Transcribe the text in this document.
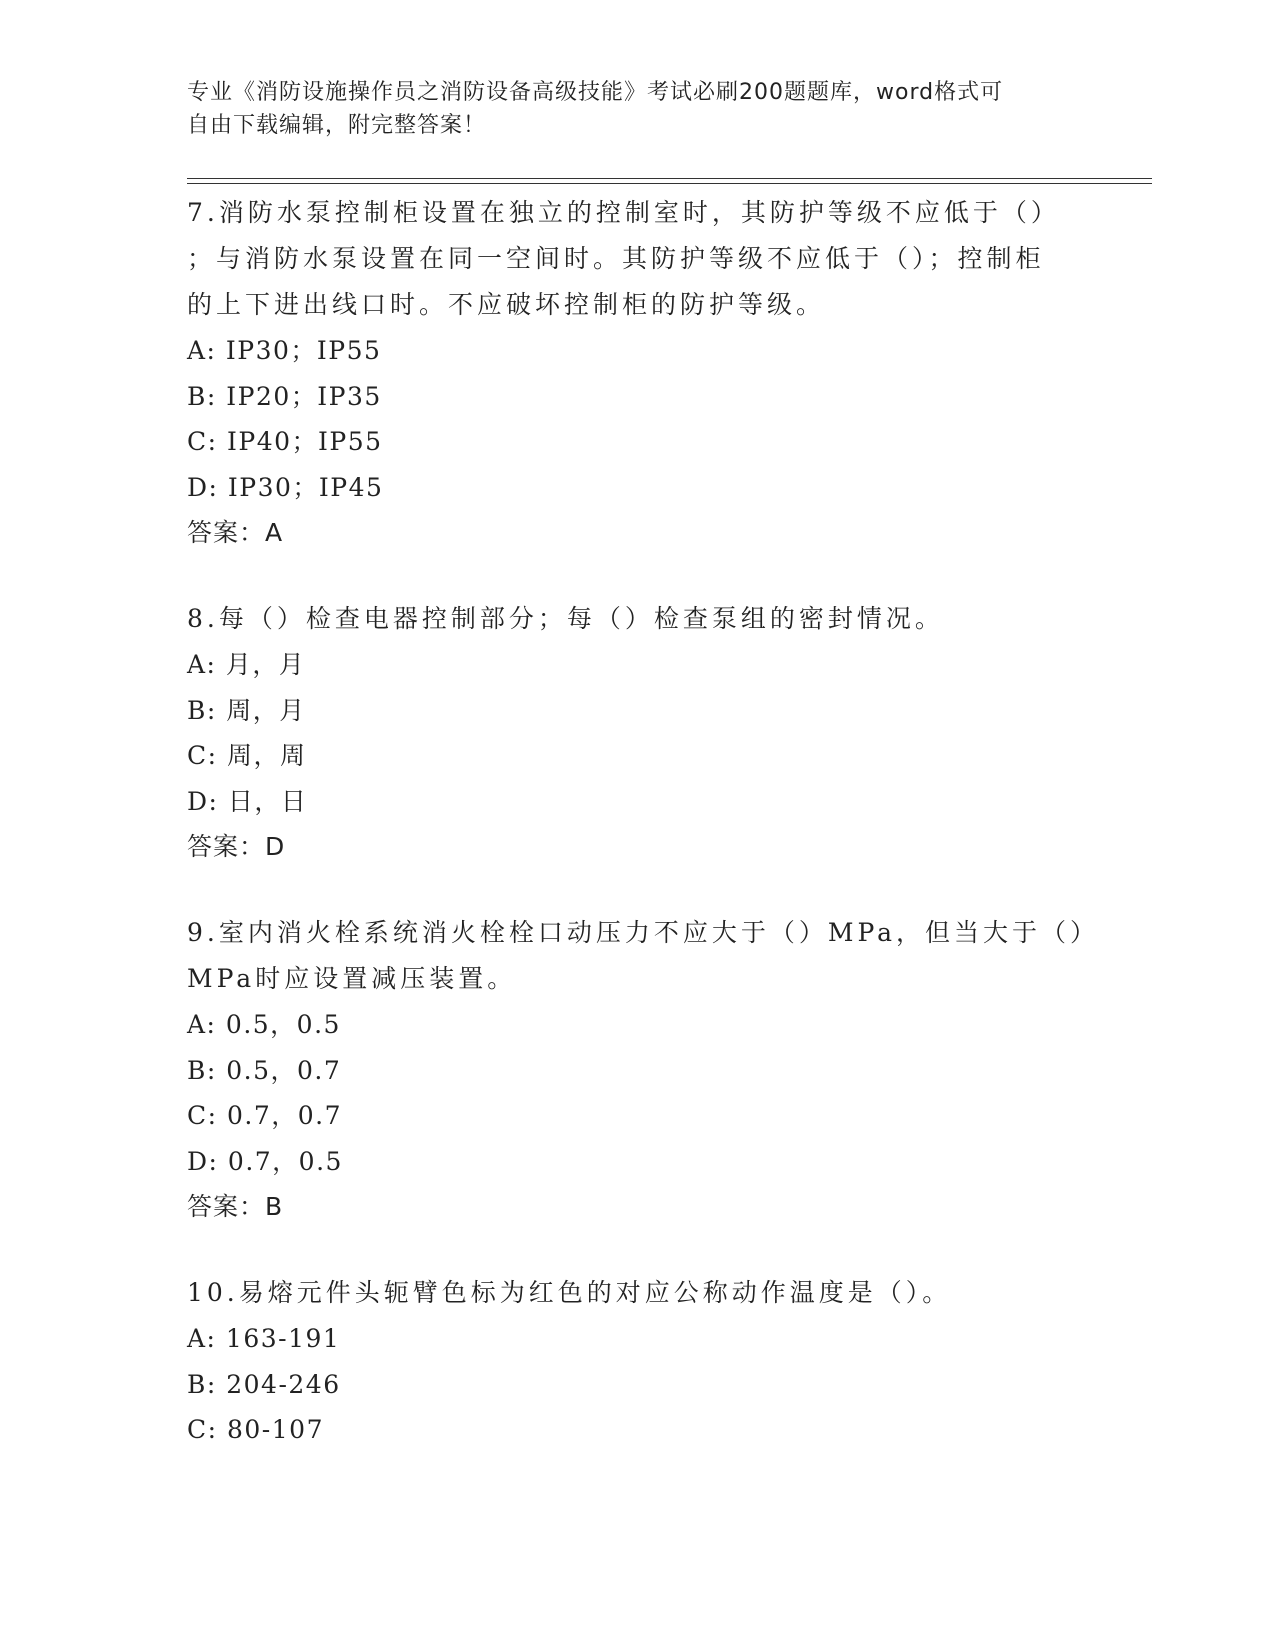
专业《消防设施操作员之消防设备高级技能》考试必刷200题题库，word格式可
自由下载编辑，附完整答案！
7.消防水泵控制柜设置在独立的控制室时，其防护等级不应低于（）
；与消防水泵设置在同一空间时。其防护等级不应低于（）；控制柜
的上下进出线口时。不应破坏控制柜的防护等级。
A: IP30；IP55
B: IP20；IP35
C: IP40；IP55
D: IP30；IP45
答案：A
8.每（）检查电器控制部分；每（）检查泵组的密封情况。
A: 月，月
B: 周，月
C: 周，周
D: 日，日
答案：D
9.室内消火栓系统消火栓栓口动压力不应大于（）MPa，但当大于（）
MPa时应设置减压装置。
A: 0.5，0.5
B: 0.5，0.7
C: 0.7，0.7
D: 0.7，0.5
答案：B
10.易熔元件头轭臂色标为红色的对应公称动作温度是（）。
A: 163-191
B: 204-246
C: 80-107
